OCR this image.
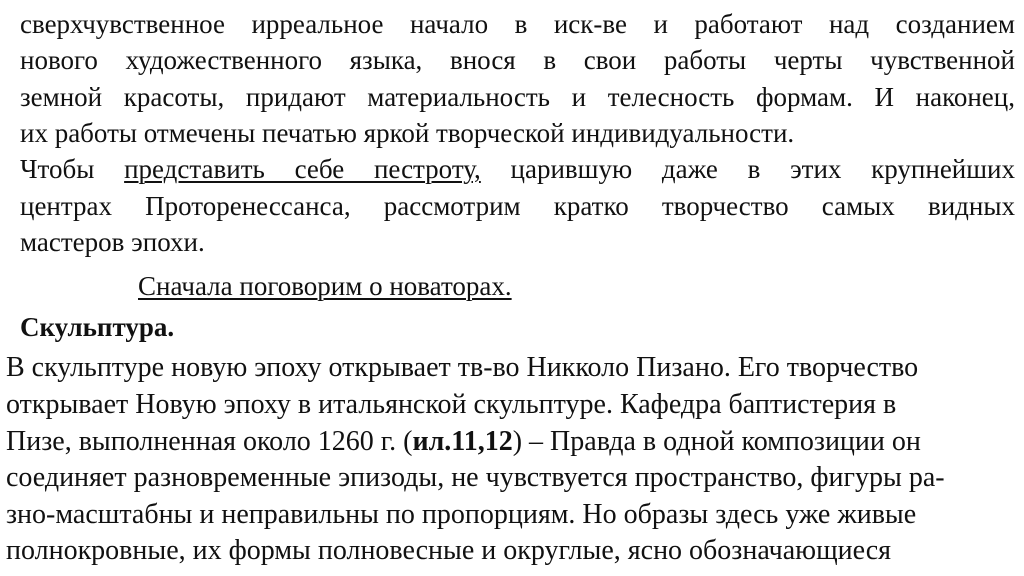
сверхчувственное ирреальное начало в иск-ве и работают над созданием
нового художественного языка, внося в свои работы черты чувственной
земной красоты, придают материальность и телесность формам. И наконец,
их работы отмечены печатью яркой творческой индивидуальности.
Чтобы представить себе пестроту, царившую даже в этих крупнейших
центрах Проторенессанса, рассмотрим кратко творчество самых видных
мастеров эпохи.
Сначала поговорим о новаторах.
Скульптура.
В скульптуре новую эпоху открывает тв-во Никколо Пизано. Его творчество
открывает Новую эпоху в итальянской скульптуре. Кафедра баптистерия в
Пизе, выполненная около 1260 г. (ил.11,12) – Правда в одной композиции он
соединяет разновременные эпизоды, не чувствуется пространство, фигуры ра-
зно-масштабны и неправильны по пропорциям. Но образы здесь уже живые
полнокровные, их формы полновесные и округлые, ясно обозначающиеся
